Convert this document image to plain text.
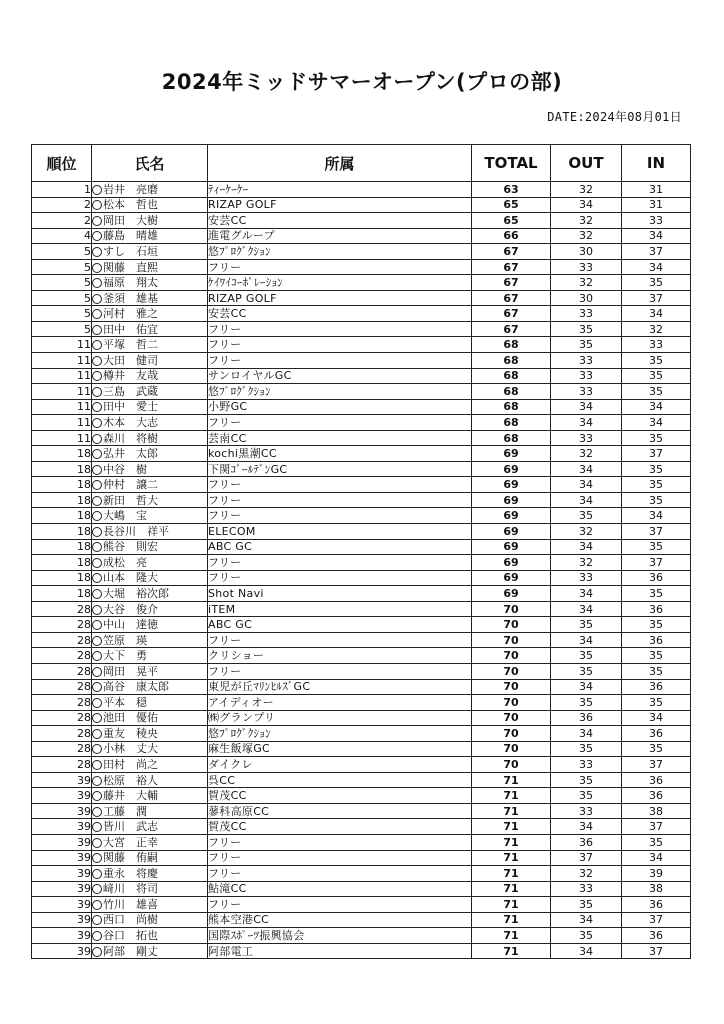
2024年ミッドサマーオープン(プロの部)
DATE:2024年08月01日
順位	氏名	所属	TOTAL	OUT	IN
1	岩井　亮磨	ﾃｨｰｹｰｹｰ	63	32	31
2	松本　哲也	RIZAP GOLF	65	34	31
2	岡田　大樹	安芸CC	65	32	33
4	藤島　晴雄	進電グループ	66	32	34
5	すし　石垣	悠ﾌﾟﾛｸﾞｸｼｮﾝ	67	30	37
5	関藤　直熙	フリー	67	33	34
5	福原　翔太	ｹｲﾜｲｺｰﾎﾟﾚｰｼｮﾝ	67	32	35
5	釜須　雄基	RIZAP GOLF	67	30	37
5	河村　雅之	安芸CC	67	33	34
5	田中　佑宜	フリー	67	35	32
11	平塚　哲二	フリー	68	35	33
11	大田　健司	フリー	68	33	35
11	樽井　友哉	サンロイヤルGC	68	33	35
11	三島　武蔵	悠ﾌﾟﾛｸﾞｸｼｮﾝ	68	33	35
11	田中　愛士	小野GC	68	34	34
11	木本　大志	フリー	68	34	34
11	森川　将樹	芸南CC	68	33	35
18	弘井　太郎	kochi黒潮CC	69	32	37
18	中谷　樹	下関ｺﾞｰﾙﾃﾞﾝGC	69	34	35
18	仲村　譲二	フリー	69	34	35
18	新田　哲大	フリー	69	34	35
18	大嶋　宝	フリー	69	35	34
18	長谷川　祥平	ELECOM	69	32	37
18	熊谷　則宏	ABC GC	69	34	35
18	成松　亮	フリー	69	32	37
18	山本　隆大	フリー	69	33	36
18	大堀　裕次郎	Shot Navi	69	34	35
28	大谷　俊介	iTEM	70	34	36
28	中山　達徳	ABC GC	70	35	35
28	笠原　瑛	フリー	70	34	36
28	大下　勇	クリショー	70	35	35
28	岡田　晃平	フリー	70	35	35
28	高谷　康太郎	東児が丘ﾏﾘﾝﾋﾙｽﾞGC	70	34	36
28	平本　穏	アイディオー	70	35	35
28	池田　優佑	㈱グランプリ	70	36	34
28	重友　稜央	悠ﾌﾟﾛｸﾞｸｼｮﾝ	70	34	36
28	小林　丈大	麻生飯塚GC	70	35	35
28	田村　尚之	ダイクレ	70	33	37
39	松原　裕人	呉CC	71	35	36
39	藤井　大輔	賀茂CC	71	35	36
39	工藤　潤	蓼科高原CC	71	33	38
39	皆川　武志	賀茂CC	71	34	37
39	大宮　正幸	フリー	71	36	35
39	関藤　侑嗣	フリー	71	37	34
39	重永　将慶	フリー	71	32	39
39	﨑川　将司	鮎滝CC	71	33	38
39	竹川　雄喜	フリー	71	35	36
39	西口　尚樹	熊本空港CC	71	34	37
39	谷口　拓也	国際ｽﾎﾟｰﾂ振興協会	71	35	36
39	阿部　剛丈	阿部電工	71	34	37
